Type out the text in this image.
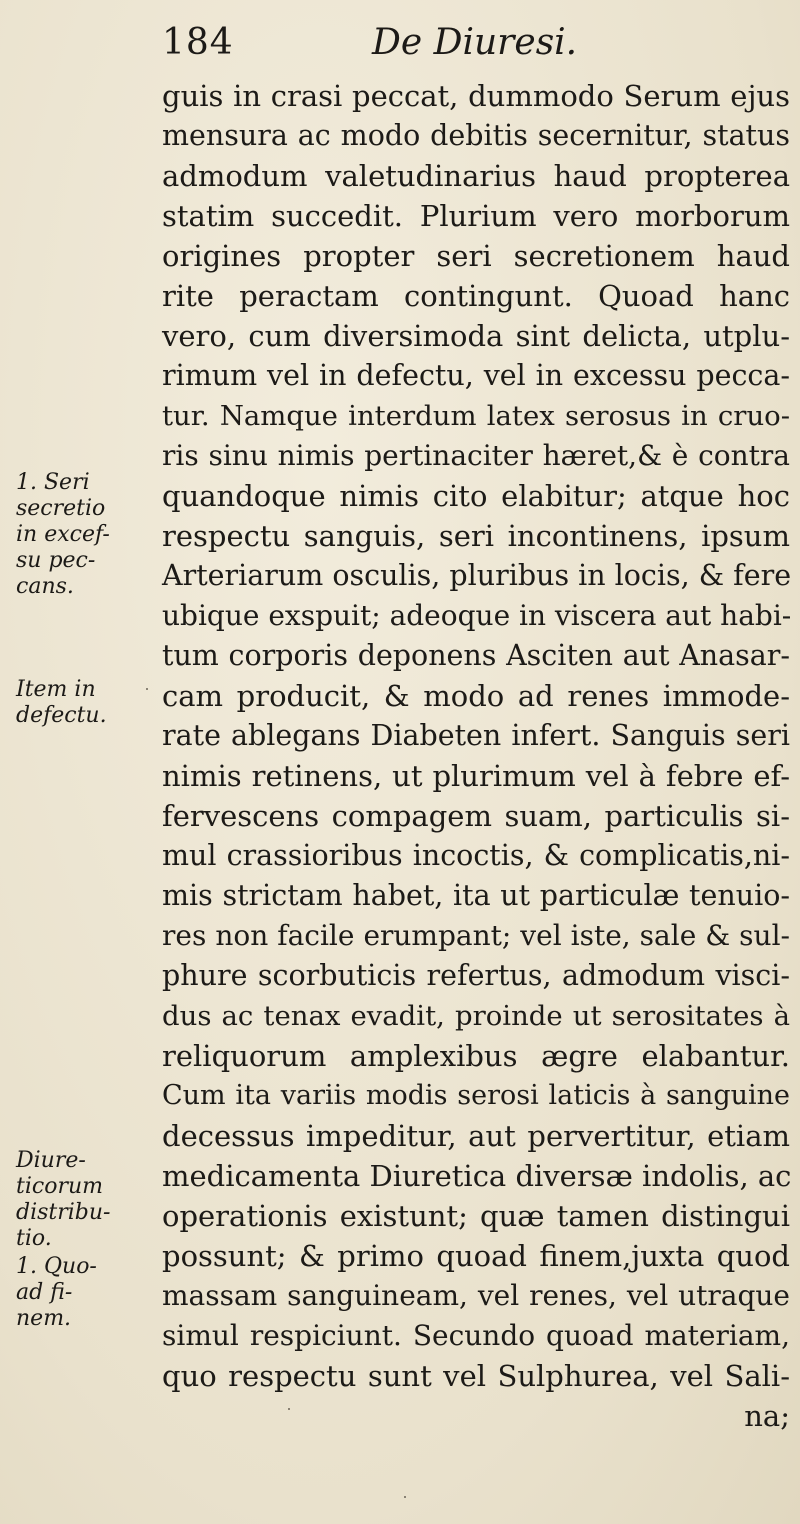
184	De Diuresi.
guis in crasi peccat, dummodo Serum ejus
mensura ac modo debitis secernitur, status
admodum valetudinarius haud propterea
statim succedit. Plurium vero morborum
origines propter seri secretionem haud
rite peractam contingunt. Quoad hanc
vero, cum diversimoda sint delicta, utplu-
rimum vel in defectu, vel in excessu pecca-
tur. Namque interdum latex serosus in cruo-
ris sinu nimis pertinaciter hæret,& è contra
quandoque nimis cito elabitur; atque hoc
respectu sanguis, seri incontinens, ipsum
Arteriarum osculis, pluribus in locis, & fere
ubique exspuit; adeoque in viscera aut habi-
tum corporis deponens Asciten aut Anasar-
cam producit, & modo ad renes immode-
rate ablegans Diabeten infert. Sanguis seri
nimis retinens, ut plurimum vel à febre ef-
fervescens compagem suam, particulis si-
mul crassioribus incoctis, & complicatis,ni-
mis strictam habet, ita ut particulæ tenuio-
res non facile erumpant; vel iste, sale & sul-
phure scorbuticis refertus, admodum visci-
dus ac tenax evadit, proinde ut serositates à
reliquorum amplexibus ægre elabantur.
Cum ita variis modis serosi laticis à sanguine
decessus impeditur, aut pervertitur, etiam
medicamenta Diuretica diversæ indolis, ac
operationis existunt; quæ tamen distingui
possunt; & primo quoad finem,juxta quod
massam sanguineam, vel renes, vel utraque
simul respiciunt. Secundo quoad materiam,
quo respectu sunt vel Sulphurea, vel Sali-
na;
1. Seri
secretio
in excef-
su pec-
cans.
Item in
defectu.
Diure-
ticorum
distribu-
tio.
1. Quo-
ad fi-
nem.
